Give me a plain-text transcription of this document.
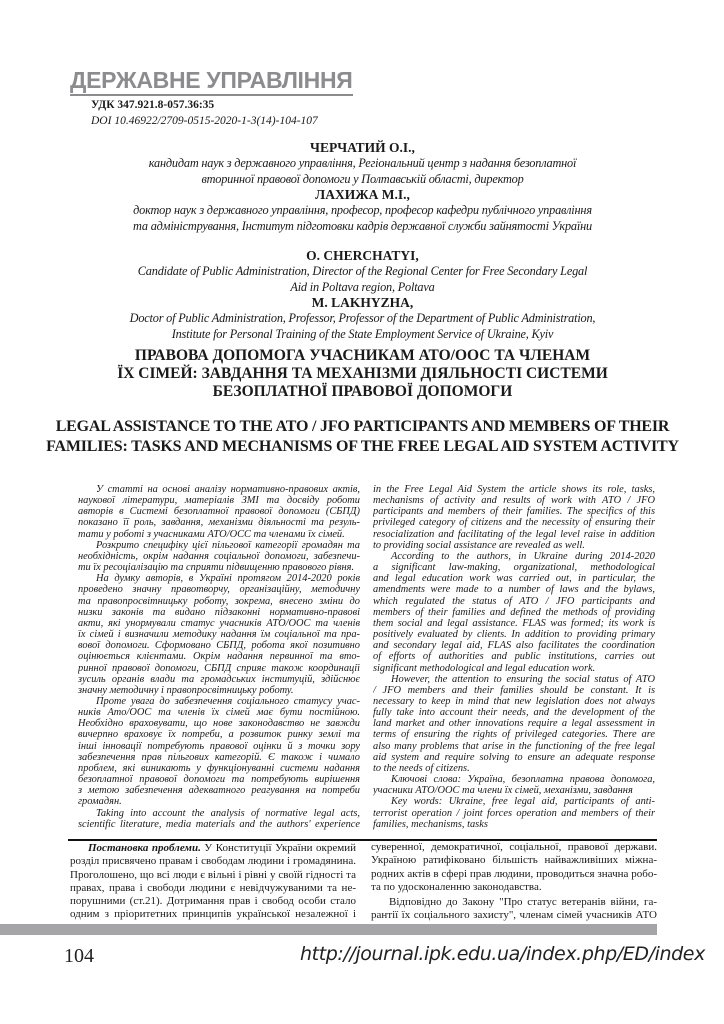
ДЕРЖАВНЕ УПРАВЛІННЯ
УДК 347.921.8-057.36:35
DOI 10.46922/2709-0515-2020-1-3(14)-104-107
ЧЕРЧАТИЙ О.І.,
кандидат наук з державного управління, Регіональний центр з надання безоплатної
вторинної правової допомоги у Полтавській області, директор
ЛАХИЖА М.І.,
доктор наук з державного управління, професор, професор кафедри публічного управління
та адміністрування, Інститут підготовки кадрів державної служби зайнятості України
O. CHERCHATYI,
Candidate of Public Administration, Director of the Regional Center for Free Secondary Legal
Aid in Poltava region, Poltava
M. LAKHYZHA,
Doctor of Public Administration, Professor, Professor of the Department of Public Administration,
Institute for Personal Training of the State Employment Service of Ukraine, Kyiv
ПРАВОВА ДОПОМОГА УЧАСНИКАМ АТО/ООС ТА ЧЛЕНАМ
ЇХ СІМЕЙ: ЗАВДАННЯ ТА МЕХАНІЗМИ ДІЯЛЬНОСТІ СИСТЕМИ
БЕЗОПЛАТНОЇ ПРАВОВОЇ ДОПОМОГИ
LEGAL ASSISTANCE TO THE ATO / JFO PARTICIPANTS AND MEMBERS OF THEIR
FAMILIES: TASKS AND MECHANISMS OF THE FREE LEGAL AID SYSTEM ACTIVITY
У статті на основі аналізу нормативно-правових актів,
наукової літератури, матеріалів ЗМІ та досвіду роботи
авторів в Системі безоплатної правової допомоги (СБПД)
показано її роль, завдання, механізми діяльності та резуль-
тати у роботі з учасниками АТО/ОСС та членами їх сімей.
Розкрито специфіку цієї пільгової категорії громадян та
необхідність, окрім надання соціальної допомоги, забезпечи-
ти їх ресоціалізацію та сприяти підвищенню правового рівня.
На думку авторів, в Україні протягом 2014-2020 років
проведено значну правотворчу, організаційну, методичну
та правопросвітницьку роботу, зокрема, внесено зміни до
низки законів та видано підзаконні нормативно-правові
акти, які унормували статус учасників АТО/ООС та членів
їх сімей і визначили методику надання їм соціальної та пра-
вової допомоги. Сформовано СБПД, робота якої позитивно
оцінюється клієнтами. Окрім надання первинної та вто-
ринної правової допомоги, СБПД сприяє також координації
зусиль органів влади та громадських інституцій, здійснює
значну методичну і правопросвітницьку роботу.
Проте увага до забезпечення соціального статусу учас-
ників Ато/ООС та членів їх сімей має бути постійною.
Необхідно враховувати, що нове законодавство не завжди
вичерпно враховує їх потреби, а розвиток ринку землі та
інші інновації потребують правової оцінки й з точки зору
забезпечення прав пільгових категорій. Є також і чимало
проблем, які виникають у функціонуванні системи надання
безоплатної правової допомоги та потребують вирішення
з метою забезпечення адекватного реагування на потреби
громадян.
Taking into account the analysis of normative legal acts,
scientific literature, media materials and the authors' experience
in the Free Legal Aid System the article shows its role, tasks,
mechanisms of activity and results of work with ATO / JFO
participants and members of their families. The specifics of this
privileged category of citizens and the necessity of ensuring their
resocialization and facilitating of the legal level raise in addition
to providing social assistance are revealed as well.
According to the authors, in Ukraine during 2014-2020
a significant law-making, organizational, methodological
and legal education work was carried out, in particular, the
amendments were made to a number of laws and the bylaws,
which regulated the status of ATO / JFO participants and
members of their families and defined the methods of providing
them social and legal assistance. FLAS was formed; its work is
positively evaluated by clients. In addition to providing primary
and secondary legal aid, FLAS also facilitates the coordination
of efforts of authorities and public institutions, carries out
significant methodological and legal education work.
However, the attention to ensuring the social status of ATO
/ JFO members and their families should be constant. It is
necessary to keep in mind that new legislation does not always
fully take into account their needs, and the development of the
land market and other innovations require a legal assessment in
terms of ensuring the rights of privileged categories. There are
also many problems that arise in the functioning of the free legal
aid system and require solving to ensure an adequate response
to the needs of citizens.
Ключові слова: Україна, безоплатна правова допомога,
учасники АТО/ООС та члени їх сімей, механізми, завдання
Key words: Ukraine, free legal aid, participants of anti-
terrorist operation / joint forces operation and members of their
families, mechanisms, tasks
Постановка проблеми. У Конституції України окремий
розділ присвячено правам і свободам людини і громадянина.
Проголошено, що всі люди є вільні і рівні у своїй гідності та
правах, права і свободи людини є невідчужуваними та не-
порушними (ст.21). Дотримання прав і свобод особи стало
одним з пріоритетних принципів української незалежної і
суверенної, демократичної, соціальної, правової держави.
Україною ратифіковано більшість найважливіших міжна-
родних актів в сфері прав людини, проводиться значна робо-
та по удосконаленню законодавства.
Відповідно до Закону "Про статус ветеранів війни, га-
рантії їх соціального захисту", членам сімей учасників АТО
104	http://journal.ipk.edu.ua/index.php/ED/index
